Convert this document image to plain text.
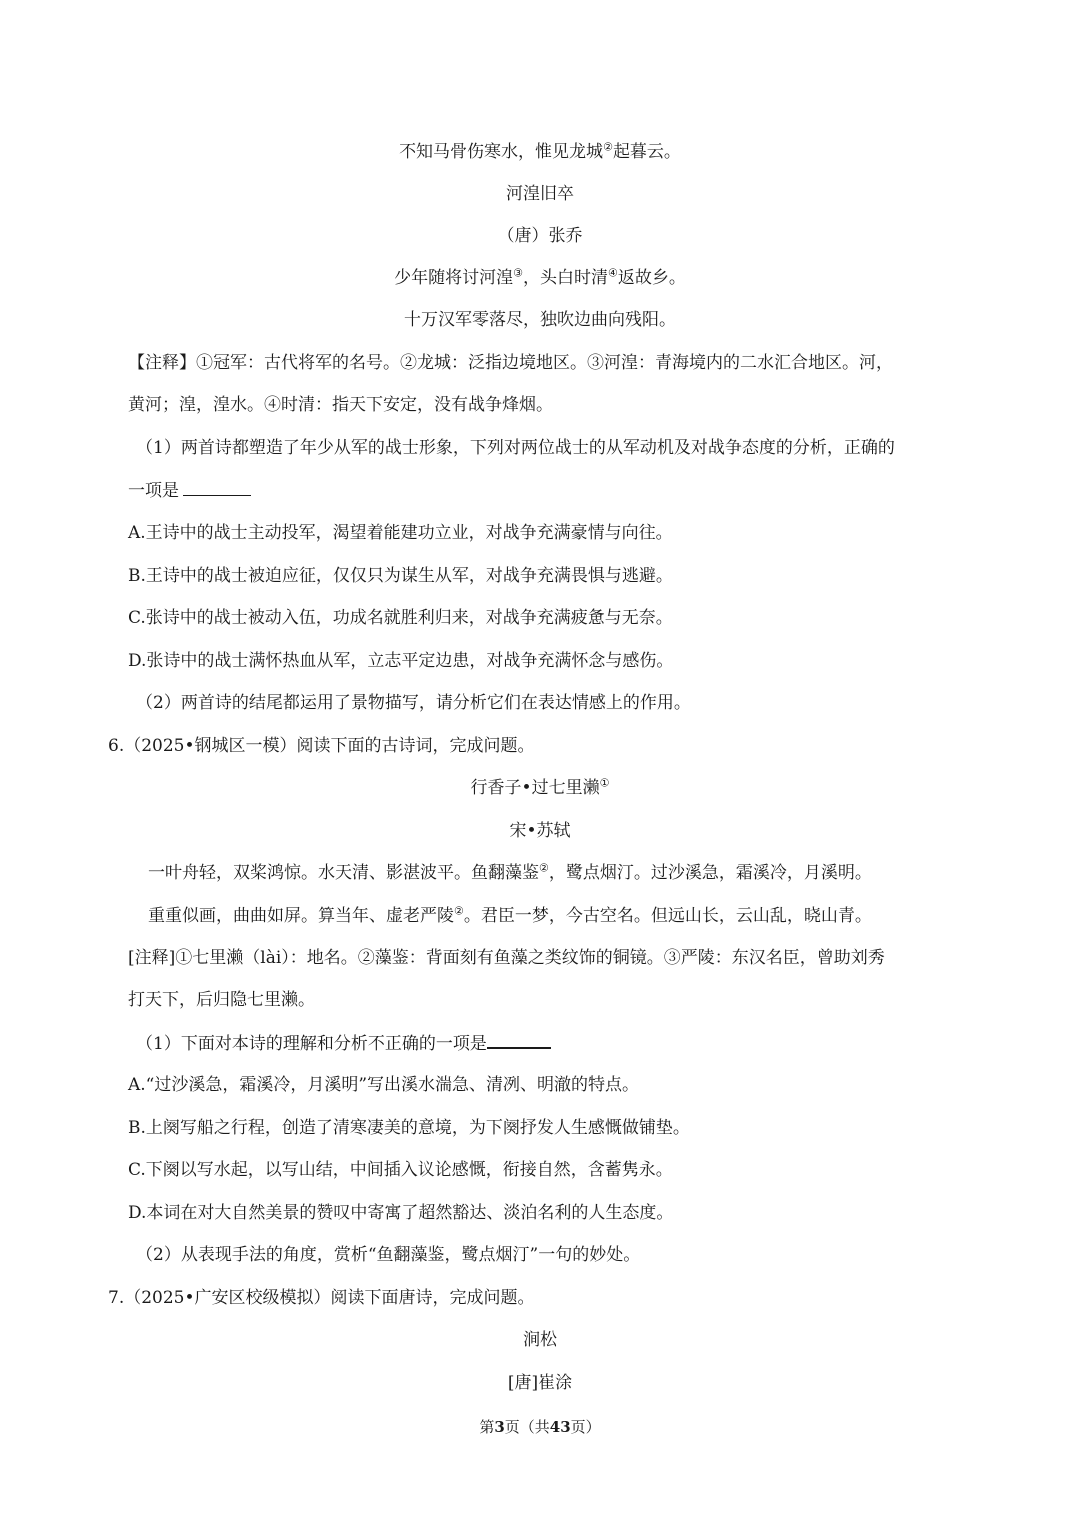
不知马骨伤寒水，惟见龙城②起暮云。
河湟旧卒
（唐）张乔
少年随将讨河湟③，头白时清④返故乡。
十万汉军零落尽，独吹边曲向残阳。
【注释】①冠军：古代将军的名号。②龙城：泛指边境地区。③河湟：青海境内的二水汇合地区。河，
黄河；湟，湟水。④时清：指天下安定，没有战争烽烟。
（1）两首诗都塑造了年少从军的战士形象，下列对两位战士的从军动机及对战争态度的分析，正确的
一项是
A.王诗中的战士主动投军，渴望着能建功立业，对战争充满豪情与向往。
B.王诗中的战士被迫应征，仅仅只为谋生从军，对战争充满畏惧与逃避。
C.张诗中的战士被动入伍，功成名就胜利归来，对战争充满疲惫与无奈。
D.张诗中的战士满怀热血从军，立志平定边患，对战争充满怀念与感伤。
（2）两首诗的结尾都运用了景物描写，请分析它们在表达情感上的作用。
6.（2025•钢城区一模）阅读下面的古诗词，完成问题。
行香子•过七里濑①
宋•苏轼
一叶舟轻，双桨鸿惊。水天清、影湛波平。鱼翻藻鉴②，鹭点烟汀。过沙溪急，霜溪冷，月溪明。
重重似画，曲曲如屏。算当年、虚老严陵②。君臣一梦，今古空名。但远山长，云山乱，晓山青。
[注释]①七里濑（lài）：地名。②藻鉴：背面刻有鱼藻之类纹饰的铜镜。③严陵：东汉名臣，曾助刘秀
打天下，后归隐七里濑。
（1）下面对本诗的理解和分析不正确的一项是
A.“过沙溪急，霜溪冷，月溪明”写出溪水湍急、清冽、明澈的特点。
B.上阕写船之行程，创造了清寒凄美的意境，为下阕抒发人生感慨做铺垫。
C.下阕以写水起，以写山结，中间插入议论感慨，衔接自然，含蓄隽永。
D.本词在对大自然美景的赞叹中寄寓了超然豁达、淡泊名利的人生态度。
（2）从表现手法的角度，赏析“鱼翻藻鉴，鹭点烟汀”一句的妙处。
7.（2025•广安区校级模拟）阅读下面唐诗，完成问题。
涧松
[唐]崔涂
第3页（共43页）
